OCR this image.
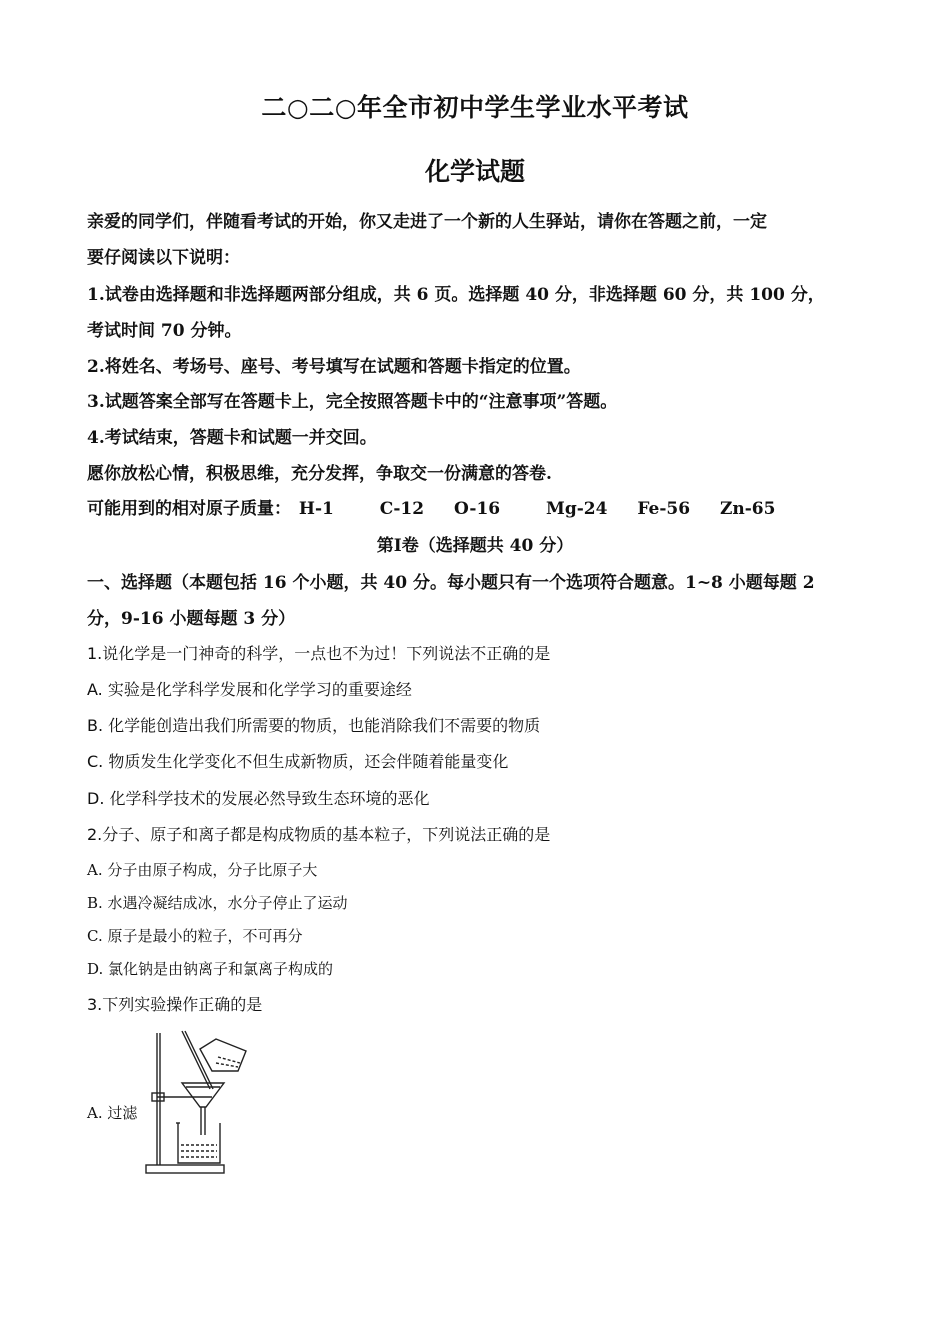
二○二○年全市初中学生学业水平考试
化学试题
亲爱的同学们，伴随看考试的开始，你又走进了一个新的人生驿站，请你在答题之前，一定
要仔阅读以下说明：
1.试卷由选择题和非选择题两部分组成，共 6 页。选择题 40 分，非选择题 60 分，共 100 分，
考试时间 70 分钟。
2.将姓名、考场号、座号、考号填写在试题和答题卡指定的位置。
3.试题答案全部写在答题卡上，完全按照答题卡中的“注意事项”答题。
4.考试结束，答题卡和试题一并交回。
愿你放松心情，积极思维，充分发挥，争取交一份满意的答卷.
可能用到的相对原子质量： H-1	C-12 O-16	Mg-24 Fe-56 Zn-65
第Ⅰ卷（选择题共 40 分）
一、选择题（本题包括 16 个小题，共 40 分。每小题只有一个选项符合题意。1~8 小题每题 2
分，9-16 小题每题 3 分）
1.说化学是一门神奇的科学，一点也不为过！下列说法不正确的是
A. 实验是化学科学发展和化学学习的重要途经
B. 化学能创造出我们所需要的物质，也能消除我们不需要的物质
C. 物质发生化学变化不但生成新物质，还会伴随着能量变化
D. 化学科学技术的发展必然导致生态环境的恶化
2.分子、原子和离子都是构成物质的基本粒子，下列说法正确的是
A. 分子由原子构成，分子比原子大
B. 水遇冷凝结成冰，水分子停止了运动
C. 原子是最小的粒子，不可再分
D. 氯化钠是由钠离子和氯离子构成的
3.下列实验操作正确的是
A. 过滤
